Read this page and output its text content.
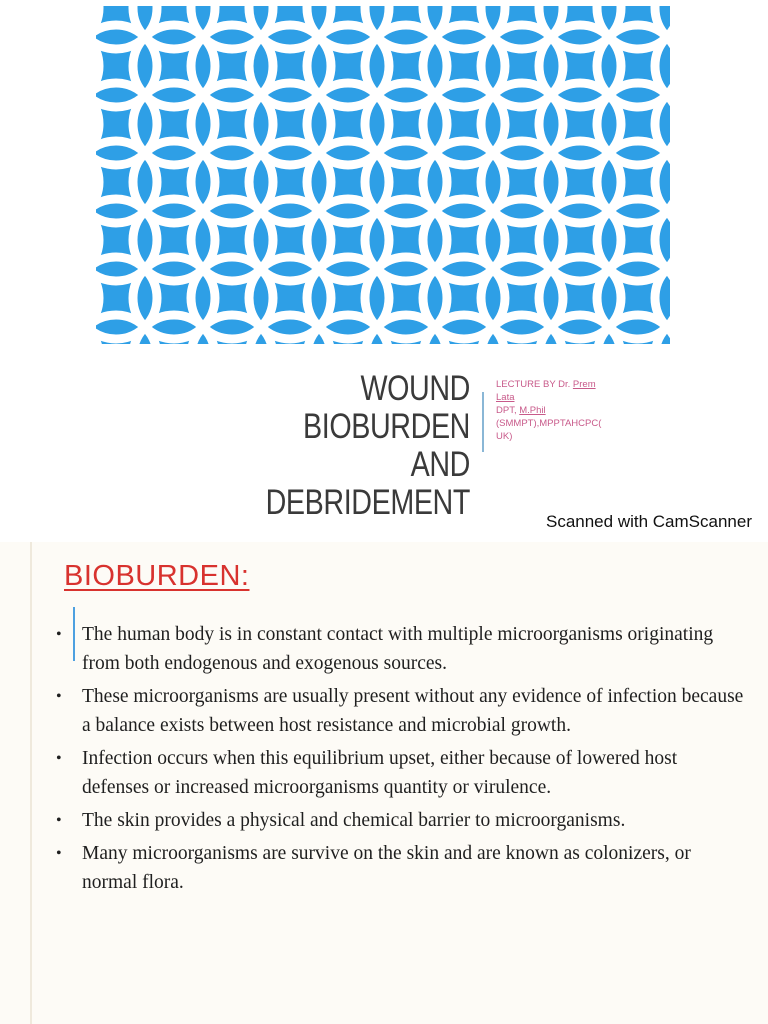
WOUND BIOBURDEN
AND DEBRIDEMENT
LECTURE BY Dr. Prem
Lata
DPT, M.Phil
(SMMPT),MPPTAHCPC(
UK)
Scanned with CamScanner
BIOBURDEN:
• The human body is in constant contact with multiple microorganisms originating from both endogenous and exogenous sources.
• These microorganisms are usually present without any evidence of infection because a balance exists between host resistance and microbial growth.
• Infection occurs when this equilibrium upset, either because of lowered host defenses or increased microorganisms quantity or virulence.
• The skin provides a physical and chemical barrier to microorganisms.
• Many microorganisms are survive on the skin and are known as colonizers, or normal flora.
